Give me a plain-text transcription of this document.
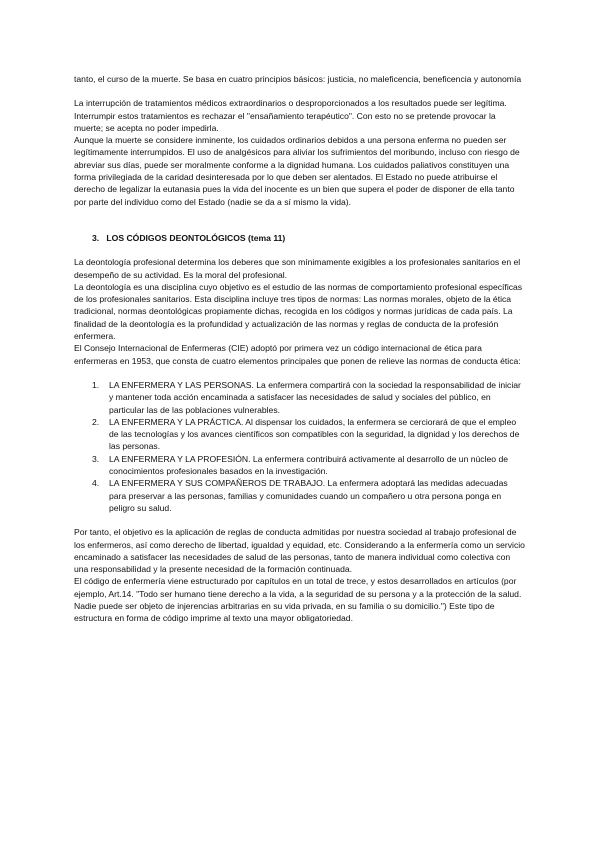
tanto, el curso de la muerte. Se basa en cuatro principios básicos: justicia, no maleficencia, beneficencia y autonomía

La interrupción de tratamientos médicos extraordinarios o desproporcionados a los resultados puede ser legítima. Interrumpir estos tratamientos es rechazar el "ensañamiento terapéutico". Con esto no se pretende provocar la muerte; se acepta no poder impedirla.

Aunque la muerte se considere inminente, los cuidados ordinarios debidos a una persona enferma no pueden ser legítimamente interrumpidos. El uso de analgésicos para aliviar los sufrimientos del moribundo, incluso con riesgo de abreviar sus días, puede ser moralmente conforme a la dignidad humana. Los cuidados paliativos constituyen una forma privilegiada de la caridad desinteresada por lo que deben ser alentados. El Estado no puede atribuirse el derecho de legalizar la eutanasia pues la vida del inocente es un bien que supera el poder de disponer de ella tanto por parte del individuo como del Estado (nadie se da a sí mismo la vida).

3. LOS CÓDIGOS DEONTOLÓGICOS (tema 11)

La deontología profesional determina los deberes que son mínimamente exigibles a los profesionales sanitarios en el desempeño de su actividad. Es la moral del profesional.

La deontología es una disciplina cuyo objetivo es el estudio de las normas de comportamiento profesional específicas de los profesionales sanitarios. Esta disciplina incluye tres tipos de normas: Las normas morales, objeto de la ética tradicional, normas deontológicas propiamente dichas, recogida en los códigos y normas jurídicas de cada país. La finalidad de la deontología es la profundidad y actualización de las normas y reglas de conducta de la profesión enfermera.

El Consejo Internacional de Enfermeras (CIE) adoptó por primera vez un código internacional de ética para enfermeras en 1953, que consta de cuatro elementos principales que ponen de relieve las normas de conducta ética:

1. LA ENFERMERA Y LAS PERSONAS. La enfermera compartirá con la sociedad la responsabilidad de iniciar y mantener toda acción encaminada a satisfacer las necesidades de salud y sociales del público, en particular las de las poblaciones vulnerables.
2. LA ENFERMERA Y LA PRÁCTICA. Al dispensar los cuidados, la enfermera se cerciorará de que el empleo de las tecnologías y los avances científicos son compatibles con la seguridad, la dignidad y los derechos de las personas.
3. LA ENFERMERA Y LA PROFESIÓN. La enfermera contribuirá activamente al desarrollo de un núcleo de conocimientos profesionales basados en la investigación.
4. LA ENFERMERA Y SUS COMPAÑEROS DE TRABAJO. La enfermera adoptará las medidas adecuadas para preservar a las personas, familias y comunidades cuando un compañero u otra persona ponga en peligro su salud.

Por tanto, el objetivo es la aplicación de reglas de conducta admitidas por nuestra sociedad al trabajo profesional de los enfermeros, así como derecho de libertad, igualdad y equidad, etc. Considerando a la enfermería como un servicio encaminado a satisfacer las necesidades de salud de las personas, tanto de manera individual como colectiva con una responsabilidad y la presente necesidad de la formación continuada.

El código de enfermería viene estructurado por capítulos en un total de trece, y estos desarrollados en artículos (por ejemplo, Art.14. "Todo ser humano tiene derecho a la vida, a la seguridad de su persona y a la protección de la salud. Nadie puede ser objeto de injerencias arbitrarias en su vida privada, en su familia o su domicilio.") Este tipo de estructura en forma de código imprime al texto una mayor obligatoriedad.
